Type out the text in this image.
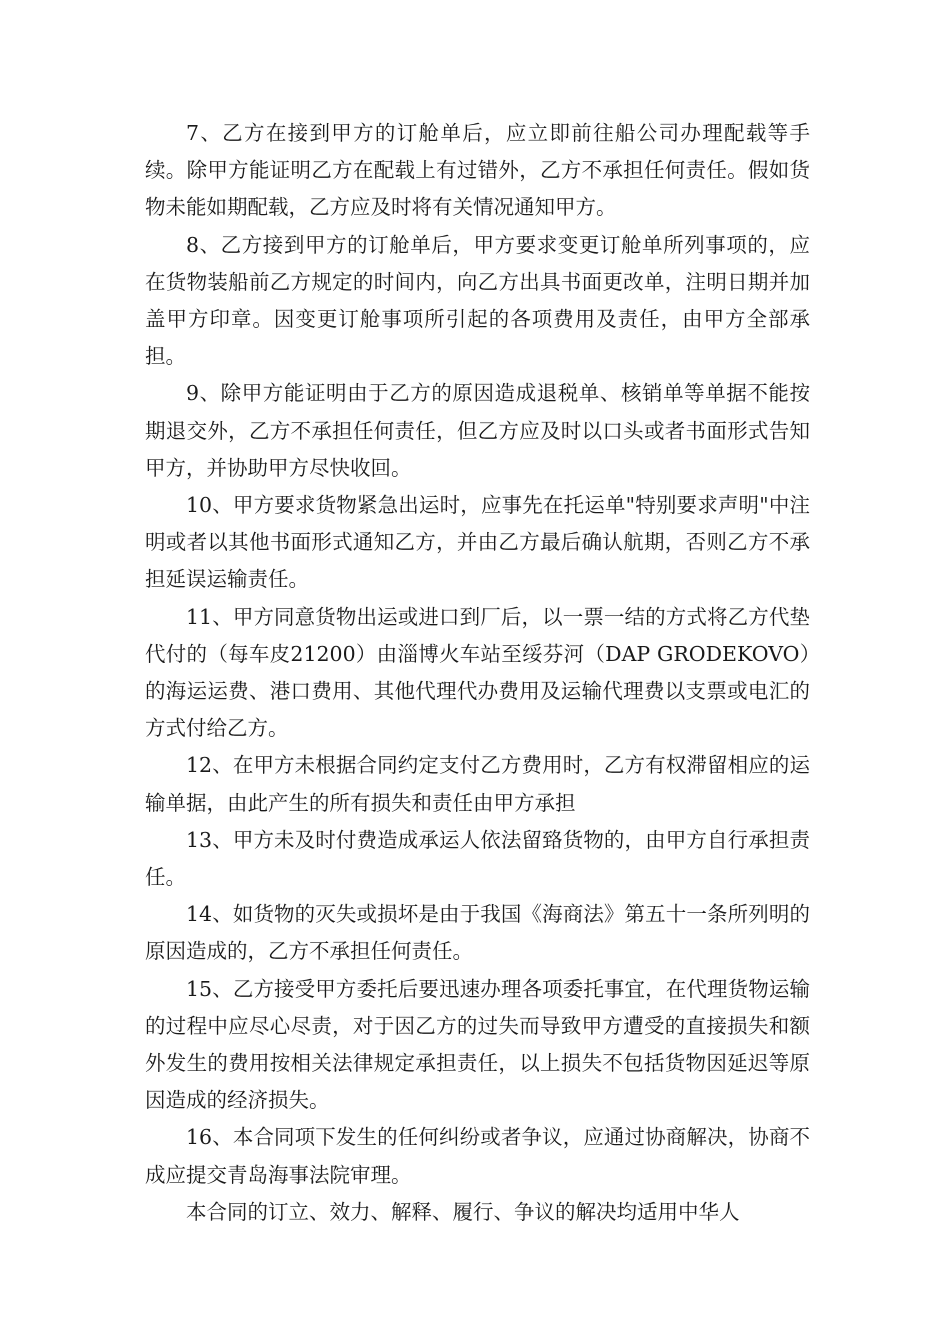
7、乙方在接到甲方的订舱单后，应立即前往船公司办理配载等手续。除甲方能证明乙方在配载上有过错外，乙方不承担任何责任。假如货物未能如期配载，乙方应及时将有关情况通知甲方。

8、乙方接到甲方的订舱单后，甲方要求变更订舱单所列事项的，应在货物装船前乙方规定的时间内，向乙方出具书面更改单，注明日期并加盖甲方印章。因变更订舱事项所引起的各项费用及责任，由甲方全部承担。

9、除甲方能证明由于乙方的原因造成退税单、核销单等单据不能按期退交外，乙方不承担任何责任，但乙方应及时以口头或者书面形式告知甲方，并协助甲方尽快收回。

10、甲方要求货物紧急出运时，应事先在托运单"特别要求声明"中注明或者以其他书面形式通知乙方，并由乙方最后确认航期，否则乙方不承担延误运输责任。

11、甲方同意货物出运或进口到厂后，以一票一结的方式将乙方代垫代付的（每车皮21200）由淄博火车站至绥芬河（DAP GRODEKOVO）的海运运费、港口费用、其他代理代办费用及运输代理费以支票或电汇的方式付给乙方。

12、在甲方未根据合同约定支付乙方费用时，乙方有权滞留相应的运输单据，由此产生的所有损失和责任由甲方承担

13、甲方未及时付费造成承运人依法留臵货物的，由甲方自行承担责任。

14、如货物的灭失或损坏是由于我国《海商法》第五十一条所列明的原因造成的，乙方不承担任何责任。

15、乙方接受甲方委托后要迅速办理各项委托事宜，在代理货物运输的过程中应尽心尽责，对于因乙方的过失而导致甲方遭受的直接损失和额外发生的费用按相关法律规定承担责任，以上损失不包括货物因延迟等原因造成的经济损失。

16、本合同项下发生的任何纠纷或者争议，应通过协商解决，协商不成应提交青岛海事法院审理。

本合同的订立、效力、解释、履行、争议的解决均适用中华人
